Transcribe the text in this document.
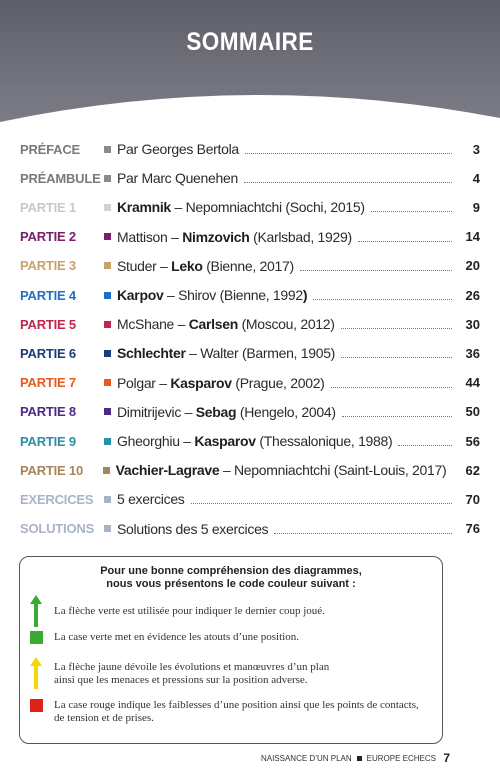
SOMMAIRE
PRÉFACE	Par Georges Bertola	3
PRÉAMBULE Par Marc Quenehen	4
PARTIE 1	Kramnik – Nepomniachtchi (Sochi, 2015)	9
PARTIE 2	Mattison – Nimzovich (Karlsbad, 1929)	14
PARTIE 3	Studer – Leko (Bienne, 2017)	20
PARTIE 4	Karpov – Shirov (Bienne, 1992)	26
PARTIE 5	McShane – Carlsen (Moscou, 2012)	30
PARTIE 6	Schlechter – Walter (Barmen, 1905)	36
PARTIE 7	Polgar – Kasparov (Prague, 2002)	44
PARTIE 8	Dimitrijevic – Sebag (Hengelo, 2004)	50
PARTIE 9	Gheorghiu – Kasparov (Thessalonique, 1988)	56
PARTIE 10	Vachier-Lagrave – Nepomniachtchi (Saint-Louis, 2017)	62
EXERCICES	5 exercices	70
SOLUTIONS	Solutions des 5 exercices	76
Pour une bonne compréhension des diagrammes,
nous vous présentons le code couleur suivant :
La flèche verte est utilisée pour indiquer le dernier coup joué.
La case verte met en évidence les atouts d’une position.
La flèche jaune dévoile les évolutions et manœuvres d’un plan
ainsi que les menaces et pressions sur la position adverse.
La case rouge indique les faiblesses d’une position ainsi que les points de contacts,
de tension et de prises.
NAISSANCE D’UN PLAN EUROPE ECHECS 7
